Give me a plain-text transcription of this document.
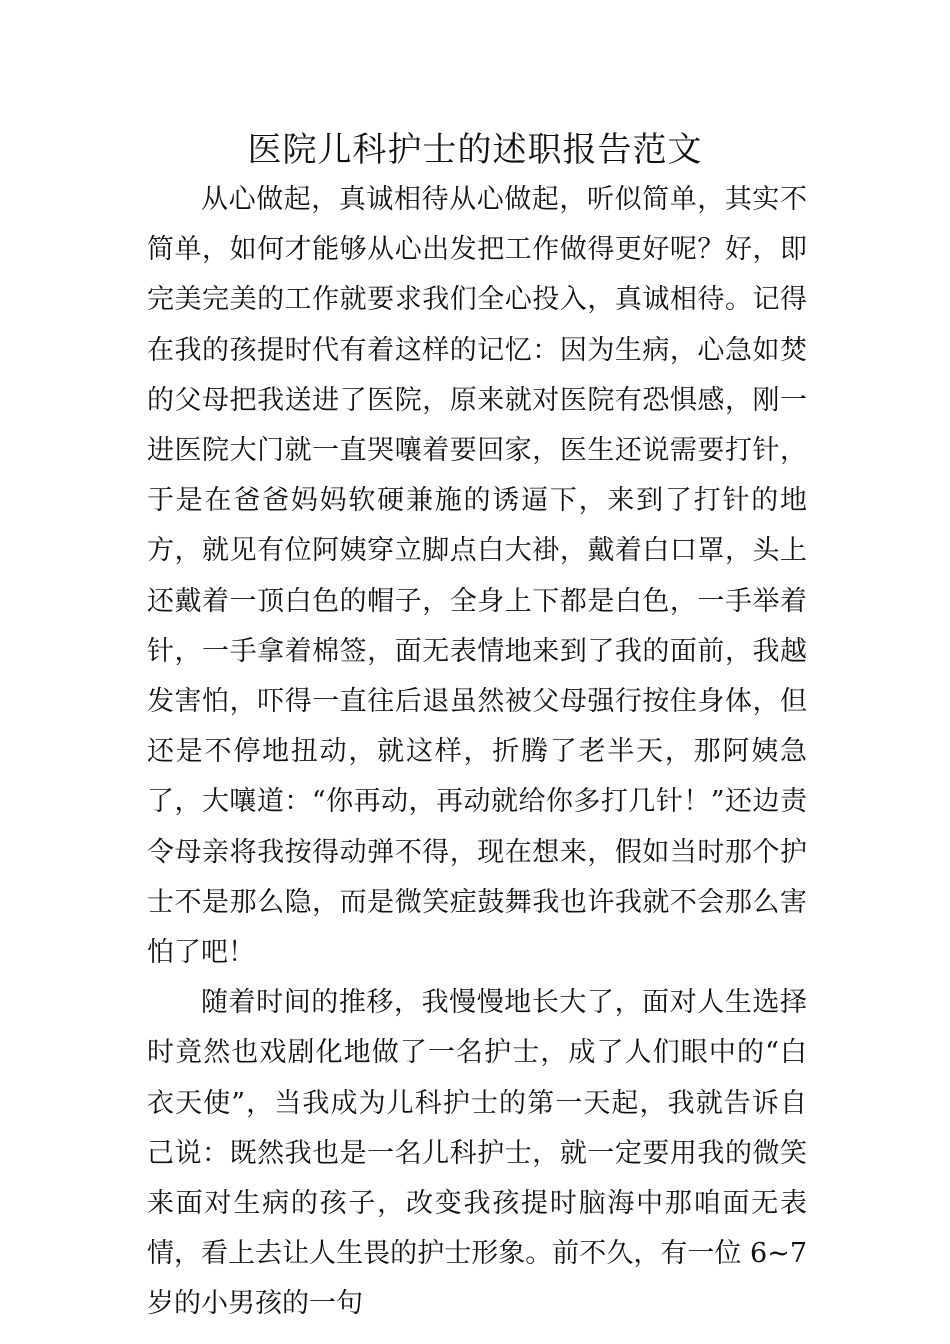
医院儿科护士的述职报告范文

从心做起，真诚相待从心做起，听似简单，其实不简单，如何才能够从心出发把工作做得更好呢？好，即完美完美的工作就要求我们全心投入，真诚相待。记得在我的孩提时代有着这样的记忆：因为生病，心急如焚的父母把我送进了医院，原来就对医院有恐惧感，刚一进医院大门就一直哭嚷着要回家，医生还说需要打针，于是在爸爸妈妈软硬兼施的诱逼下，来到了打针的地方，就见有位阿姨穿立脚点白大褂，戴着白口罩，头上还戴着一顶白色的帽子，全身上下都是白色，一手举着针，一手拿着棉签，面无表情地来到了我的面前，我越发害怕，吓得一直往后退虽然被父母强行按住身体，但还是不停地扭动，就这样，折腾了老半天，那阿姨急了，大嚷道：“你再动，再动就给你多打几针！”还边责令母亲将我按得动弹不得，现在想来，假如当时那个护士不是那么隐，而是微笑症鼓舞我也许我就不会那么害怕了吧！

随着时间的推移，我慢慢地长大了，面对人生选择时竟然也戏剧化地做了一名护士，成了人们眼中的“白衣天使”，当我成为儿科护士的第一天起，我就告诉自己说：既然我也是一名儿科护士，就一定要用我的微笑来面对生病的孩子，改变我孩提时脑海中那咱面无表情，看上去让人生畏的护士形象。前不久，有一位 6~7 岁的小男孩的一句
